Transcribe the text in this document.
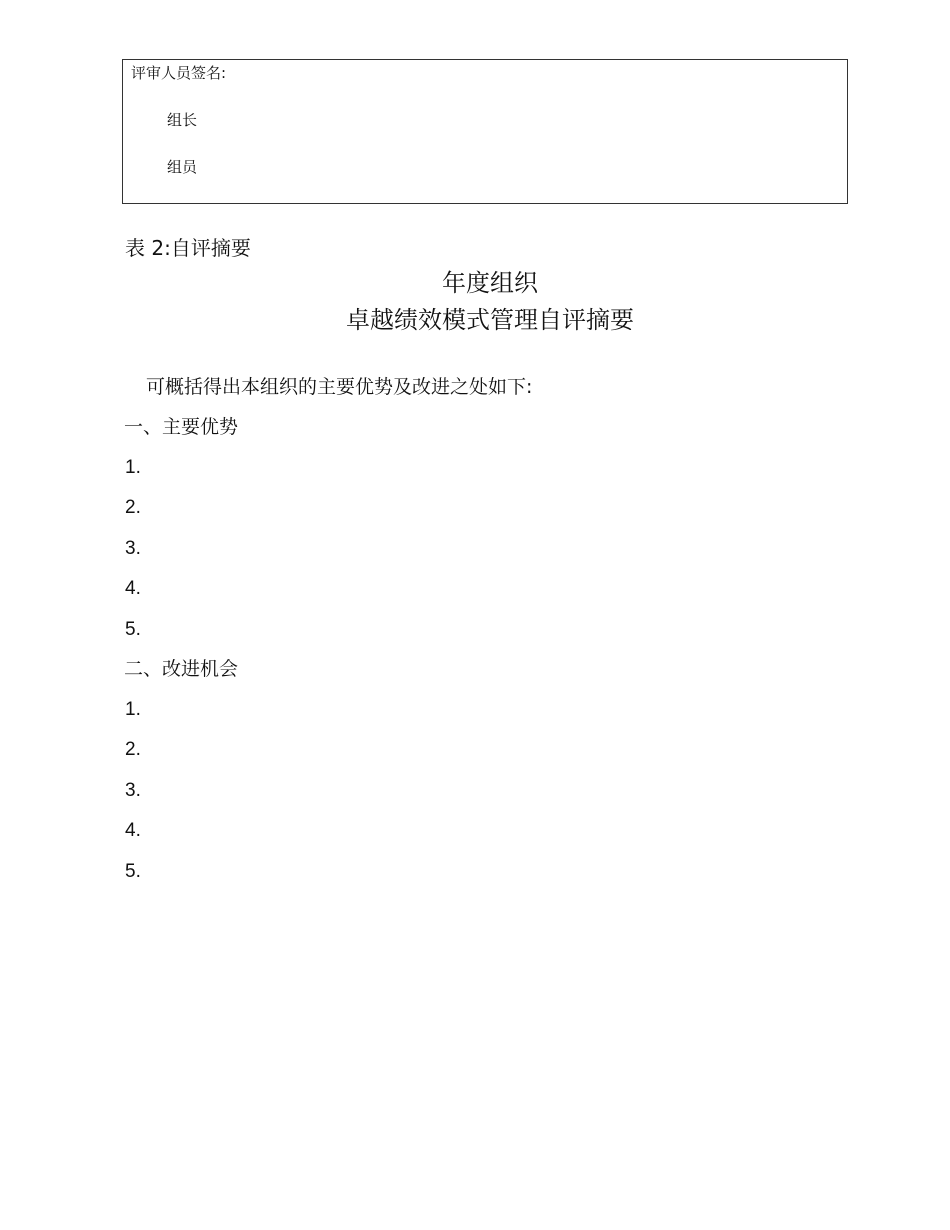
评审人员签名:
组长
组员
表 2:自评摘要
年度组织
卓越绩效模式管理自评摘要
可概括得出本组织的主要优势及改进之处如下:
一、主要优势
1.
2.
3.
4.
5.
二、改进机会
1.
2.
3.
4.
5.
